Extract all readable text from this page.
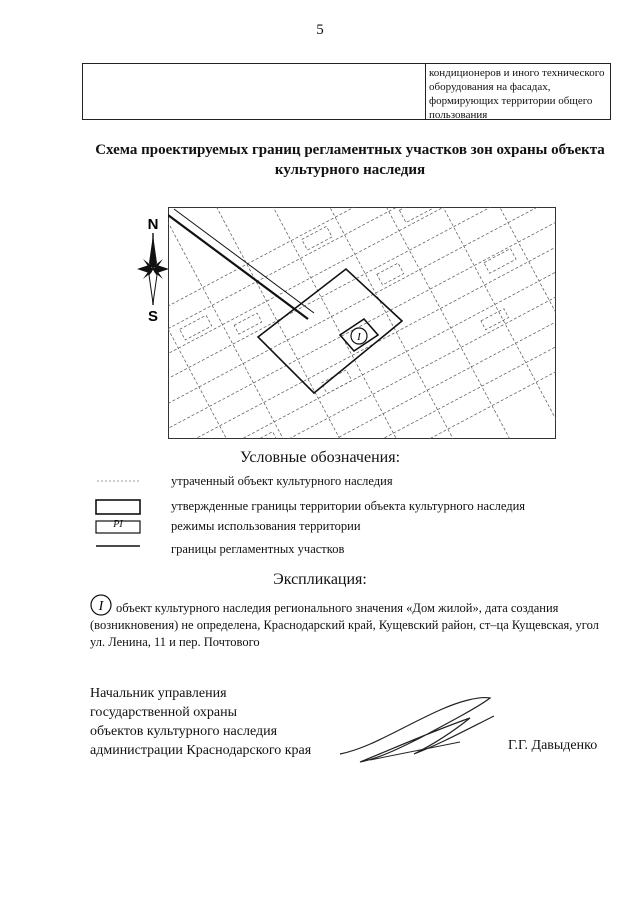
5
кондиционеров и иного технического оборудования на фасадах, формирующих территории общего пользования
Схема проектируемых границ регламентных участков зон охраны объекта
культурного наследия
N
S
I
Условные обозначения:
утраченный объект культурного наследия
утвержденные границы территории объекта культурного наследия
PI	режимы использования территории
границы регламентных участков
Экспликация:
I объект культурного наследия регионального значения «Дом жилой», дата создания (возникновения) не определена, Краснодарский край, Кущевский район, ст–ца Кущевская, угол ул. Ленина, 11 и пер. Почтового
Начальник управления
государственной охраны
объектов культурного наследия
администрации Краснодарского края	Г.Г. Давыденко
